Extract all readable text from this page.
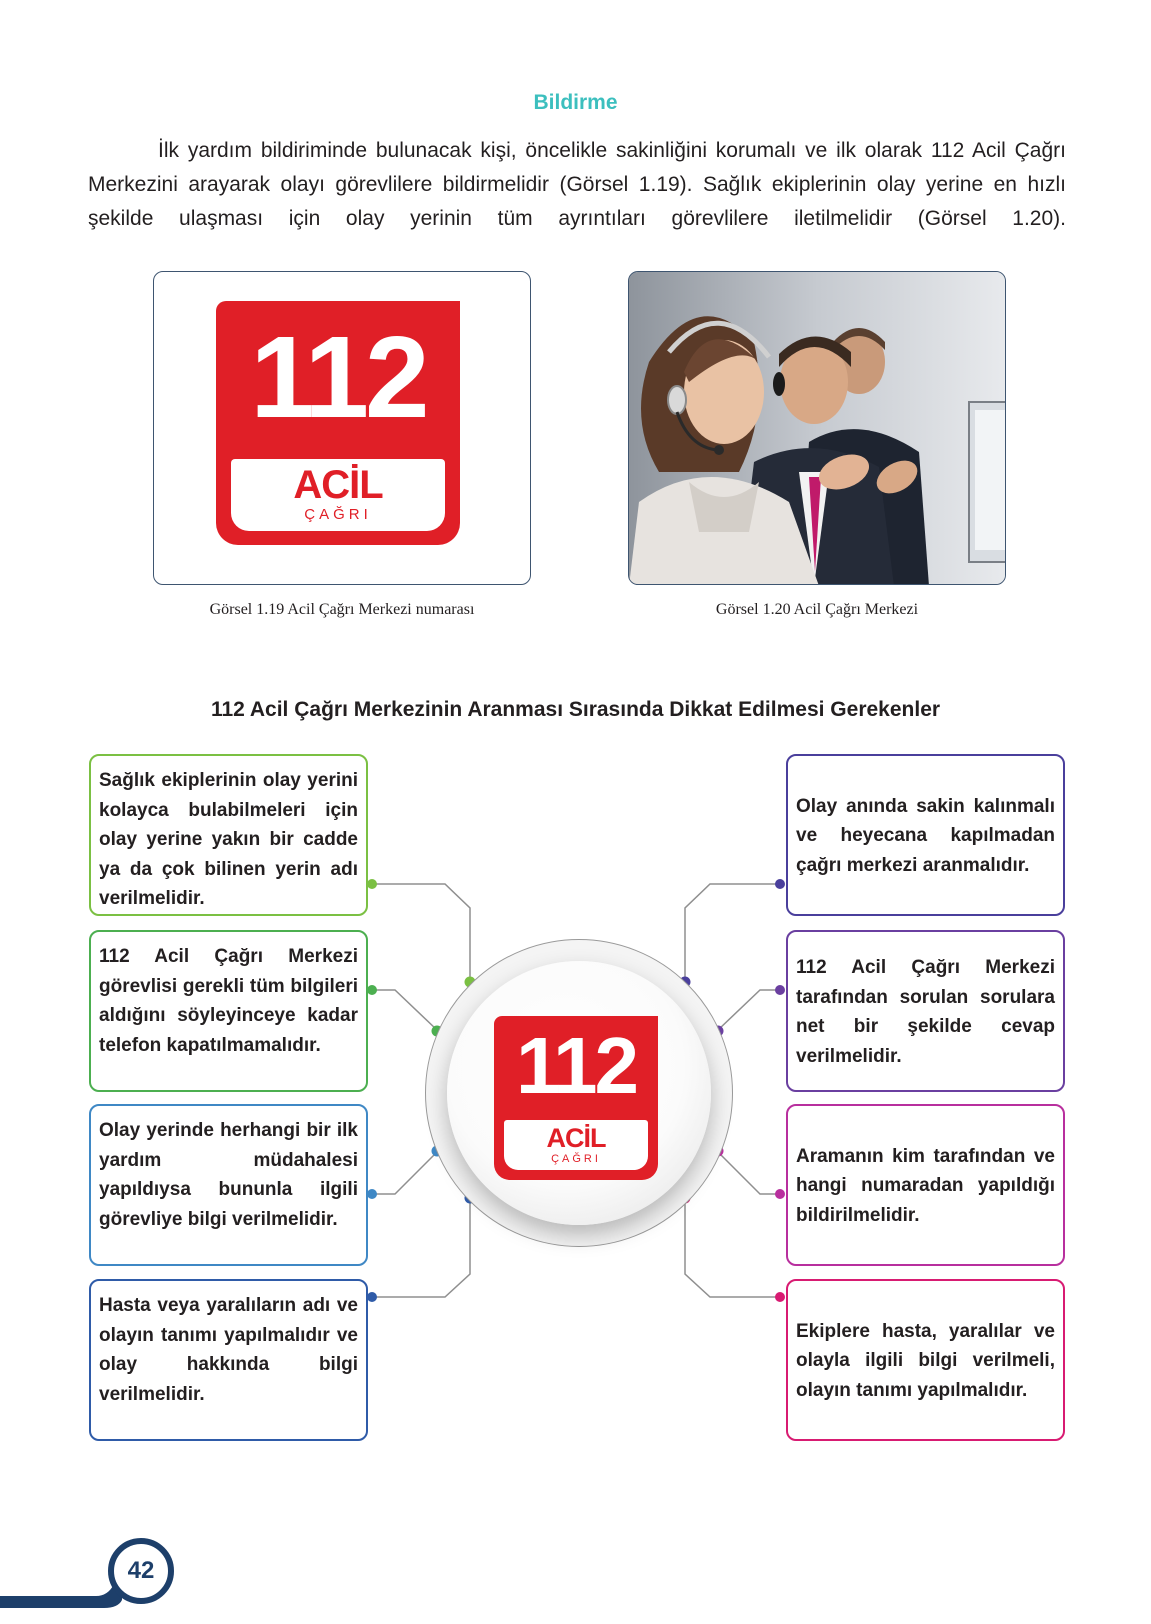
Bildirme

İlk yardım bildiriminde bulunacak kişi, öncelikle sakinliğini korumalı ve ilk olarak 112 Acil Çağrı Merkezini arayarak olayı görevlilere bildirmelidir (Görsel 1.19). Sağlık ekiplerinin olay yerine en hızlı şekilde ulaşması için olay yerinin tüm ayrıntıları görevlilere iletilmelidir (Görsel 1.20).

112
ACİL
ÇAĞRI
Görsel 1.19 Acil Çağrı Merkezi numarası	Görsel 1.20 Acil Çağrı Merkezi
112 Acil Çağrı Merkezinin Aranması Sırasında Dikkat Edilmesi Gerekenler
112
ACİL
ÇAĞRI
Sağlık ekiplerinin olay yerini kolayca bulabilmeleri için olay yerine yakın bir cadde ya da çok bilinen yerin adı verilmelidir.
112 Acil Çağrı Merkezi görevlisi gerekli tüm bilgileri aldığını söyleyinceye kadar telefon kapatılmamalıdır.
Olay yerinde herhangi bir ilk yardım müdahalesi yapıldıysa bununla ilgili görevliye bilgi verilmelidir.
Hasta veya yaralıların adı ve olayın tanımı yapılmalıdır ve olay hakkında bilgi verilmelidir.
Olay anında sakin kalınmalı ve heyecana kapılmadan çağrı merkezi aranmalıdır.
112 Acil Çağrı Merkezi tarafından sorulan sorulara net bir şekilde cevap verilmelidir.
Aramanın kim tarafından ve hangi numaradan yapıldığı bildirilmelidir.
Ekiplere hasta, yaralılar ve olayla ilgili bilgi verilmeli, olayın tanımı yapılmalıdır.
42
